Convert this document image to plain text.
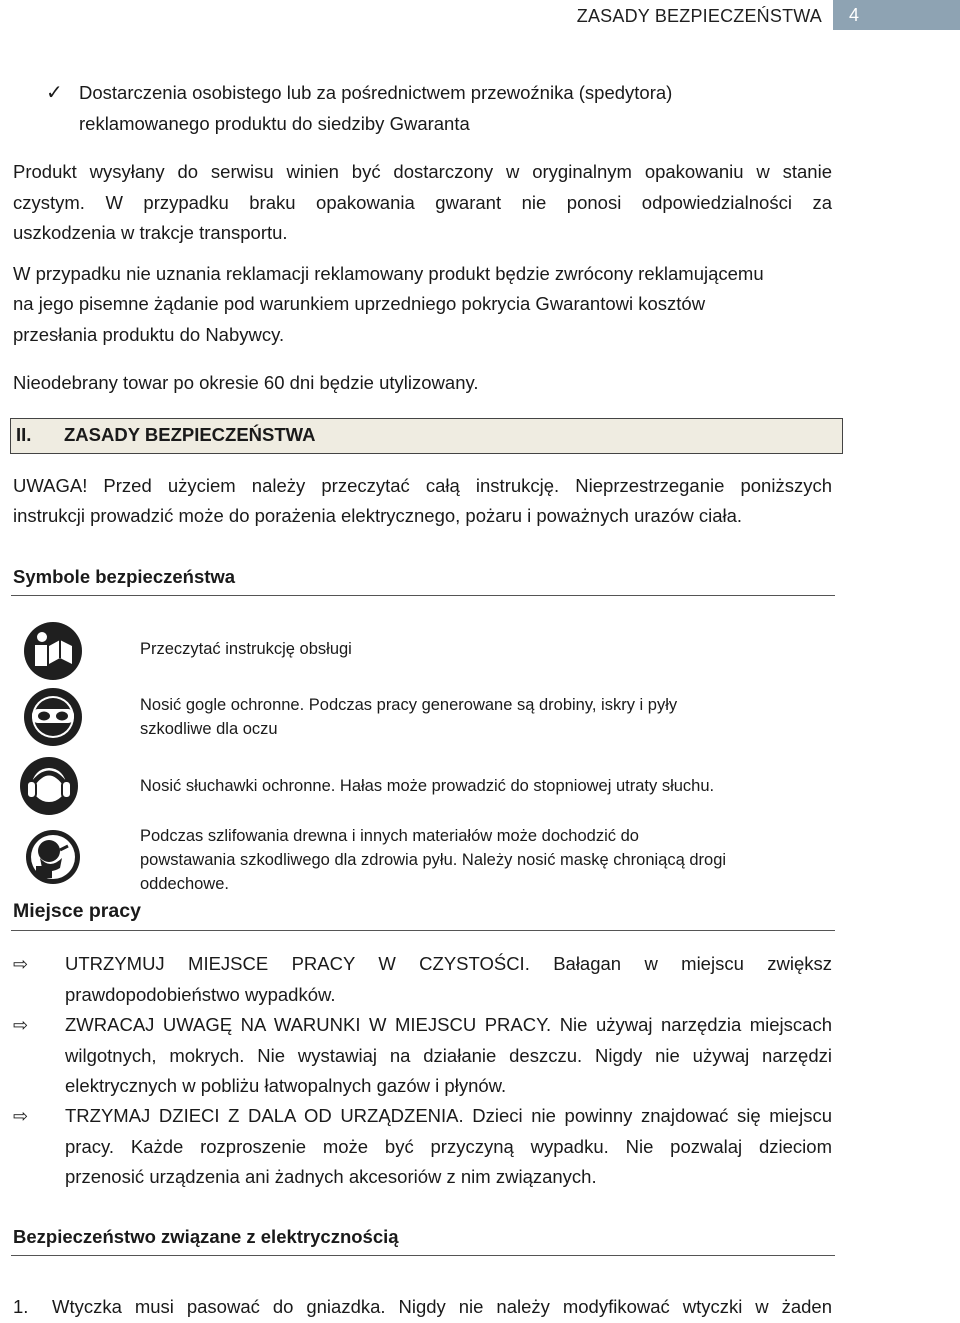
ZASADY BEZPIECZEŃSTWA	4
✓ Dostarczenia osobistego lub za pośrednictwem przewoźnika (spedytora)
reklamowanego produktu do siedziby Gwaranta
Produkt wysyłany do serwisu winien być dostarczony w oryginalnym opakowaniu w stanie
czystym. W przypadku braku opakowania gwarant nie ponosi odpowiedzialności za
uszkodzenia w trakcje transportu.
W przypadku nie uznania reklamacji reklamowany produkt będzie zwrócony reklamującemu
na jego pisemne żądanie pod warunkiem uprzedniego pokrycia Gwarantowi kosztów
przesłania produktu do Nabywcy.
Nieodebrany towar po okresie 60 dni będzie utylizowany.
II. ZASADY BEZPIECZEŃSTWA
UWAGA! Przed użyciem należy przeczytać całą instrukcję. Nieprzestrzeganie poniższych
instrukcji prowadzić może do porażenia elektrycznego, pożaru i poważnych urazów ciała.
Symbole bezpieczeństwa
Przeczytać instrukcję obsługi
Nosić gogle ochronne. Podczas pracy generowane są drobiny, iskry i pyły
szkodliwe dla oczu
Nosić słuchawki ochronne. Hałas może prowadzić do stopniowej utraty słuchu.
Podczas szlifowania drewna i innych materiałów może dochodzić do
powstawania szkodliwego dla zdrowia pyłu. Należy nosić maskę chroniącą drogi
oddechowe.
Miejsce pracy
⇨ UTRZYMUJ MIEJSCE PRACY W CZYSTOŚCI. Bałagan w miejscu zwiększ
prawdopodobieństwo wypadków.
⇨ ZWRACAJ UWAGĘ NA WARUNKI W MIEJSCU PRACY. Nie używaj narzędzia miejscach
wilgotnych, mokrych. Nie wystawiaj na działanie deszczu. Nigdy nie używaj narzędzi
elektrycznych w pobliżu łatwopalnych gazów i płynów.
⇨ TRZYMAJ DZIECI Z DALA OD URZĄDZENIA. Dzieci nie powinny znajdować się miejscu
pracy. Każde rozproszenie może być przyczyną wypadku. Nie pozwalaj dzieciom
przenosić urządzenia ani żadnych akcesoriów z nim związanych.
Bezpieczeństwo związane z elektrycznością
1. Wtyczka musi pasować do gniazdka. Nigdy nie należy modyfikować wtyczki w żaden
